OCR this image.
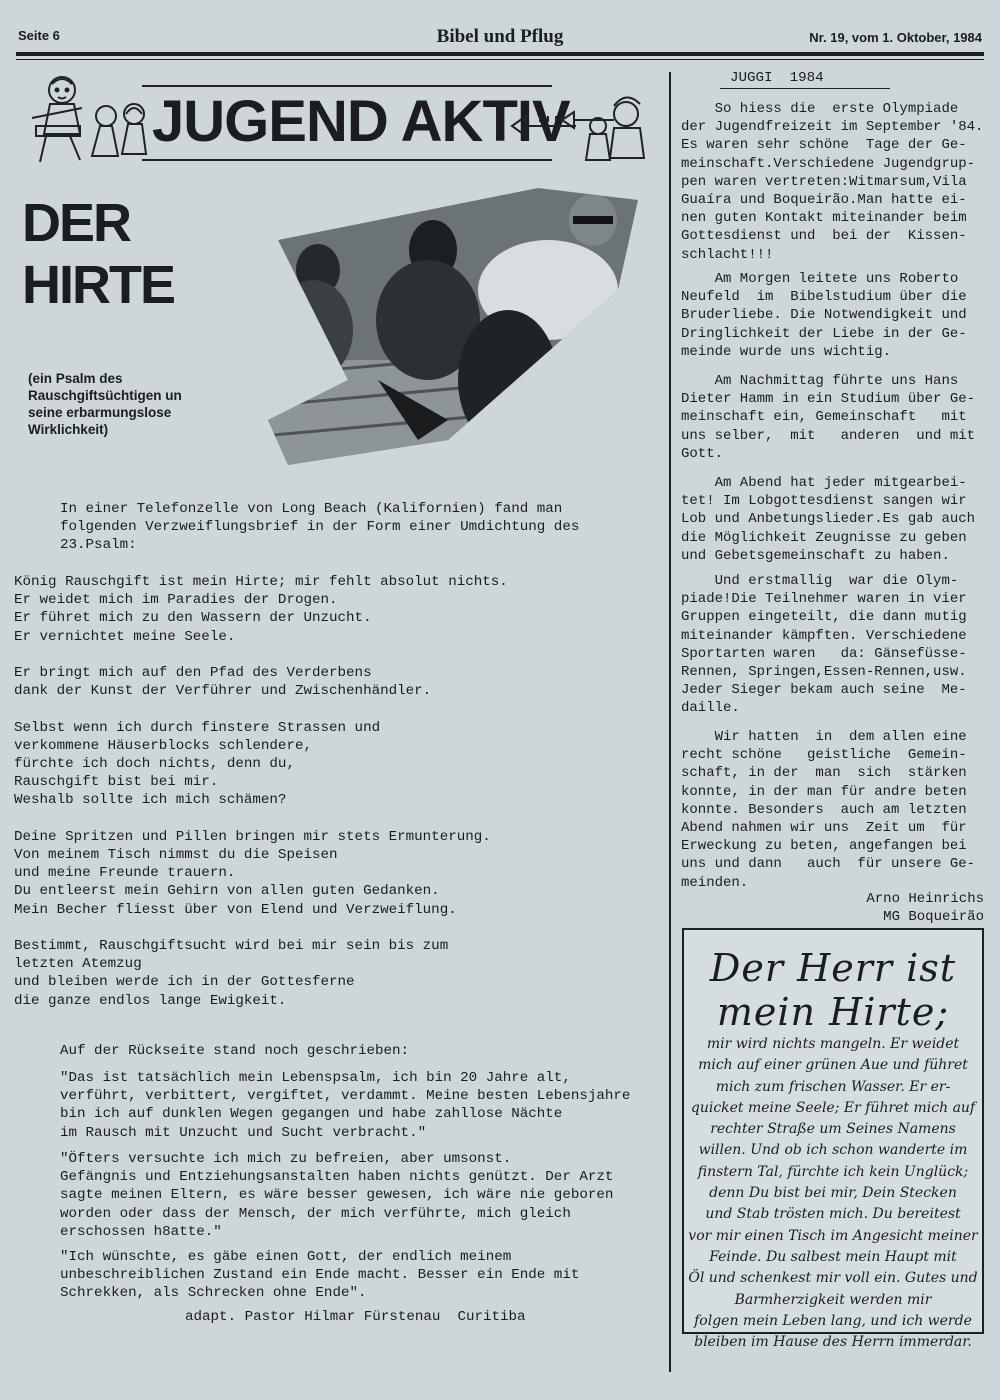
Seite 6	Bibel und Pflug	Nr. 19, vom 1. Oktober, 1984
JUGEND AKTIV
DER
HIRTE
(ein Psalm des
Rauschgiftsüchtigen un
seine erbarmungslose
Wirklichkeit)
In einer Telefonzelle von Long Beach (Kalifornien) fand man
folgenden Verzweiflungsbrief in der Form einer Umdichtung des
23.Psalm:
König Rauschgift ist mein Hirte; mir fehlt absolut nichts.
Er weidet mich im Paradies der Drogen.
Er führet mich zu den Wassern der Unzucht.
Er vernichtet meine Seele.

Er bringt mich auf den Pfad des Verderbens
dank der Kunst der Verführer und Zwischenhändler.

Selbst wenn ich durch finstere Strassen und
verkommene Häuserblocks schlendere,
fürchte ich doch nichts, denn du,
Rauschgift bist bei mir.
Weshalb sollte ich mich schämen?

Deine Spritzen und Pillen bringen mir stets Ermunterung.
Von meinem Tisch nimmst du die Speisen
und meine Freunde trauern.
Du entleerst mein Gehirn von allen guten Gedanken.
Mein Becher fliesst über von Elend und Verzweiflung.

Bestimmt, Rauschgiftsucht wird bei mir sein bis zum
letzten Atemzug
und bleiben werde ich in der Gottesferne
die ganze endlos lange Ewigkeit.
Auf der Rückseite stand noch geschrieben:
"Das ist tatsächlich mein Lebenspsalm, ich bin 20 Jahre alt,
verführt, verbittert, vergiftet, verdammt. Meine besten Lebensjahre
bin ich auf dunklen Wegen gegangen und habe zahllose Nächte
im Rausch mit Unzucht und Sucht verbracht."
"Öfters versuchte ich mich zu befreien, aber umsonst.
Gefängnis und Entziehungsanstalten haben nichts genützt. Der Arzt
sagte meinen Eltern, es wäre besser gewesen, ich wäre nie geboren
worden oder dass der Mensch, der mich verführte, mich gleich
erschossen h8atte."
"Ich wünschte, es gäbe einen Gott, der endlich meinem
unbeschreiblichen Zustand ein Ende macht. Besser ein Ende mit
Schrekken, als Schrecken ohne Ende".
adapt. Pastor Hilmar Fürstenau  Curitiba
JUGGI  1984
So hiess die  erste Olympiade
der Jugendfreizeit im September '84.
Es waren sehr schöne  Tage der Ge-
meinschaft.Verschiedene Jugendgrup-
pen waren vertreten:Witmarsum,Vila
Guaíra und Boqueirão.Man hatte ei-
nen guten Kontakt miteinander beim
Gottesdienst und  bei der  Kissen-
schlacht!!!
Am Morgen leitete uns Roberto
Neufeld  im  Bibelstudium über die
Bruderliebe. Die Notwendigkeit und
Dringlichkeit der Liebe in der Ge-
meinde wurde uns wichtig.
Am Nachmittag führte uns Hans
Dieter Hamm in ein Studium über Ge-
meinschaft ein, Gemeinschaft   mit
uns selber,  mit   anderen  und mit
Gott.
Am Abend hat jeder mitgearbei-
tet! Im Lobgottesdienst sangen wir
Lob und Anbetungslieder.Es gab auch
die Möglichkeit Zeugnisse zu geben
und Gebetsgemeinschaft zu haben.
Und erstmallig  war die Olym-
piade!Die Teilnehmer waren in vier
Gruppen eingeteilt, die dann mutig
miteinander kämpften. Verschiedene
Sportarten waren   da: Gänsefüsse-
Rennen, Springen,Essen-Rennen,usw.
Jeder Sieger bekam auch seine  Me-
daille.
Wir hatten  in  dem allen eine
recht schöne   geistliche  Gemein-
schaft, in der  man  sich  stärken
konnte, in der man für andre beten
konnte. Besonders  auch am letzten
Abend nahmen wir uns  Zeit um  für
Erweckung zu beten, angefangen bei
uns und dann   auch  für unsere Ge-
meinden.
Arno Heinrichs
MG Boqueirão
Der Herr ist
mein Hirte;
mir wird nichts mangeln. Er weidet
mich auf einer grünen Aue und führet
mich zum frischen Wasser. Er er-
quicket meine Seele; Er führet mich auf
rechter Straße um Seines Namens
willen. Und ob ich schon wanderte im
finstern Tal, fürchte ich kein Unglück;
denn Du bist bei mir, Dein Stecken
und Stab trösten mich. Du bereitest
vor mir einen Tisch im Angesicht meiner
Feinde. Du salbest mein Haupt mit
Öl und schenkest mir voll ein. Gutes und
Barmherzigkeit werden mir
folgen mein Leben lang, und ich werde
bleiben im Hause des Herrn immerdar.
